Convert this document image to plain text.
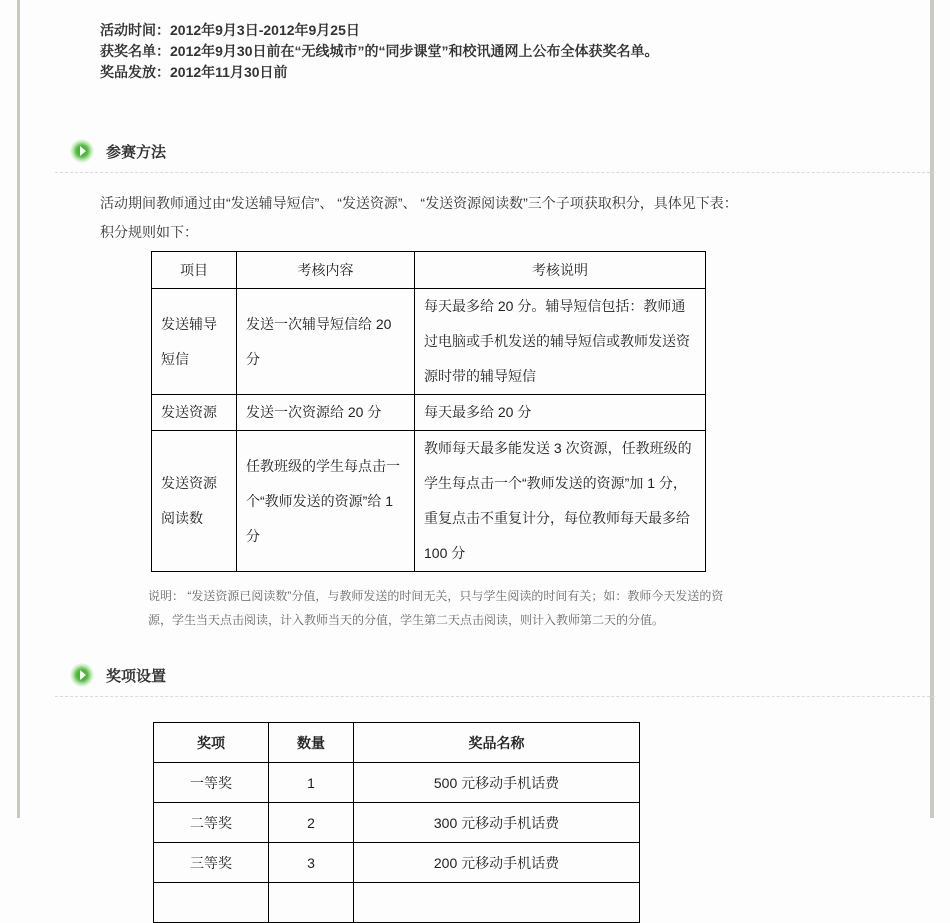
活动时间：2012年9月3日-2012年9月25日
获奖名单：2012年9月30日前在“无线城市”的“同步课堂”和校讯通网上公布全体获奖名单。
奖品发放：2012年11月30日前
参赛方法
活动期间教师通过由“发送辅导短信”、 “发送资源”、 “发送资源阅读数”三个子项获取积分，具体见下表：
积分规则如下：
项目	考核内容	考核说明
发送辅导短信	发送一次辅导短信给 20 分	每天最多给 20 分。辅导短信包括：教师通过电脑或手机发送的辅导短信或教师发送资源时带的辅导短信
发送资源	发送一次资源给 20 分	每天最多给 20 分
发送资源阅读数	任教班级的学生每点击一个“教师发送的资源”给 1 分	教师每天最多能发送 3 次资源，任教班级的学生每点击一个“教师发送的资源”加 1 分，重复点击不重复计分，每位教师每天最多给 100 分
说明： “发送资源已阅读数”分值，与教师发送的时间无关，只与学生阅读的时间有关；如：教师今天发送的资源，学生当天点击阅读，计入教师当天的分值，学生第二天点击阅读，则计入教师第二天的分值。
奖项设置
奖项	数量	奖品名称
一等奖	1	500 元移动手机话费
二等奖	2	300 元移动手机话费
三等奖	3	200 元移动手机话费
